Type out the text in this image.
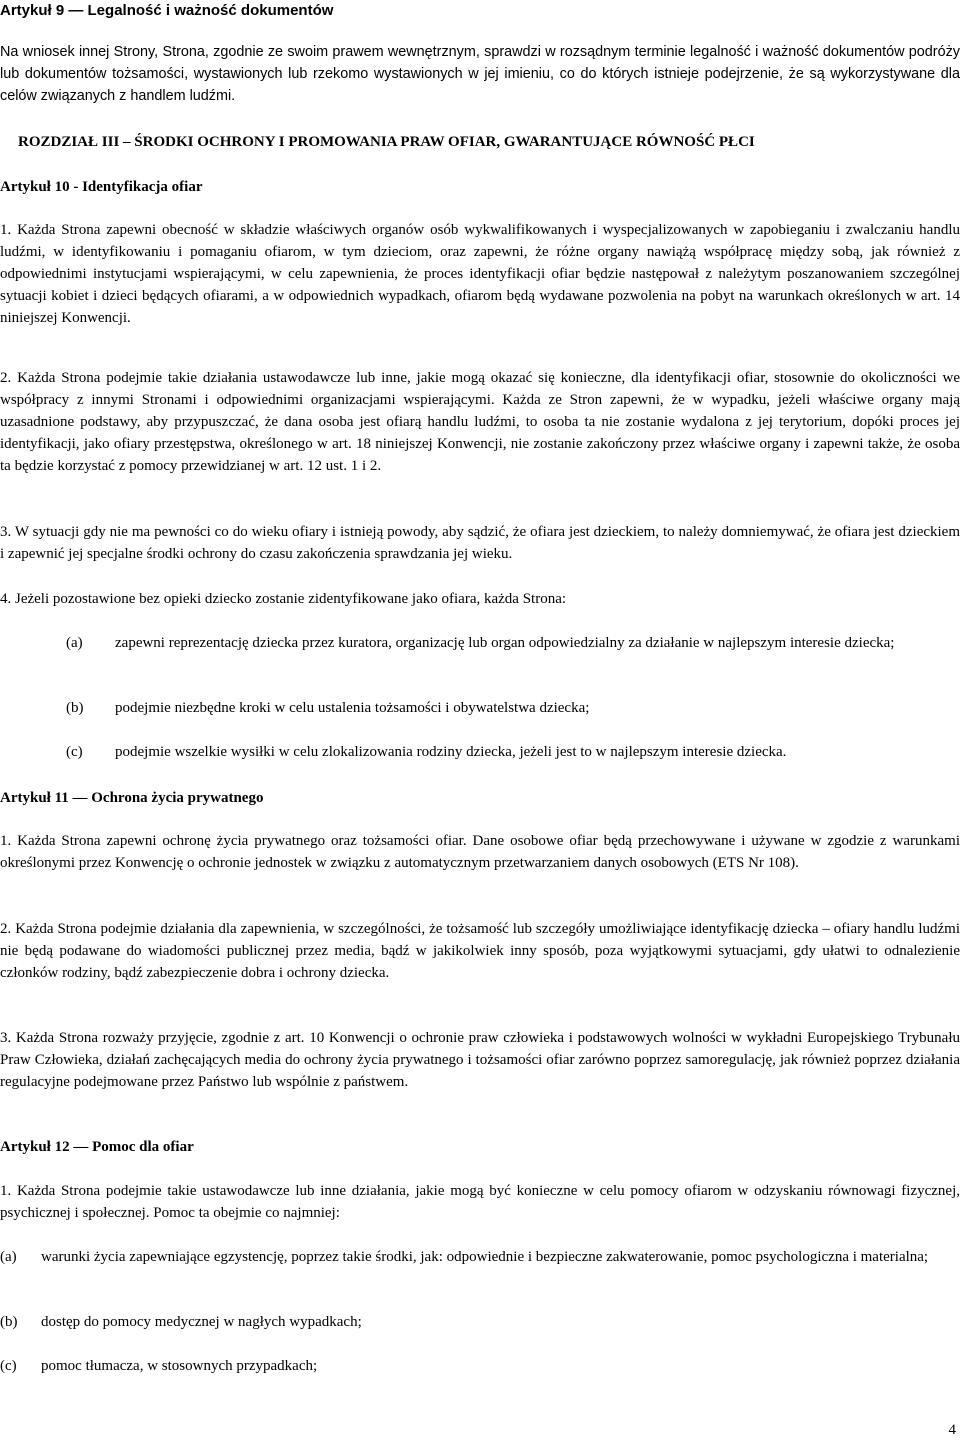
Artykuł 9 — Legalność i ważność dokumentów
Na wniosek innej Strony, Strona, zgodnie ze swoim prawem wewnętrznym, sprawdzi w rozsądnym terminie legalność i ważność dokumentów podróży lub dokumentów tożsamości, wystawionych lub rzekomo wystawionych w jej imieniu, co do których istnieje podejrzenie, że są wykorzystywane dla celów związanych z handlem ludźmi.
ROZDZIAŁ III – ŚRODKI OCHRONY I PROMOWANIA PRAW OFIAR, GWARANTUJĄCE RÓWNOŚĆ PŁCI
Artykuł 10 - Identyfikacja ofiar
1. Każda Strona zapewni obecność w składzie właściwych organów osób wykwalifikowanych i wyspecjalizowanych w zapobieganiu i zwalczaniu handlu ludźmi, w identyfikowaniu i pomaganiu ofiarom, w tym dzieciom, oraz zapewni, że różne organy nawiążą współpracę między sobą, jak również z odpowiednimi instytucjami wspierającymi, w celu zapewnienia, że proces identyfikacji ofiar będzie następował z należytym poszanowaniem szczególnej sytuacji kobiet i dzieci będących ofiarami, a w odpowiednich wypadkach, ofiarom będą wydawane pozwolenia na pobyt na warunkach określonych w art. 14 niniejszej Konwencji.
2. Każda Strona podejmie takie działania ustawodawcze lub inne, jakie mogą okazać się konieczne, dla identyfikacji ofiar, stosownie do okoliczności we współpracy z innymi Stronami i odpowiednimi organizacjami wspierającymi. Każda ze Stron zapewni, że w wypadku, jeżeli właściwe organy mają uzasadnione podstawy, aby przypuszczać, że dana osoba jest ofiarą handlu ludźmi, to osoba ta nie zostanie wydalona z jej terytorium, dopóki proces jej identyfikacji, jako ofiary przestępstwa, określonego w art. 18 niniejszej Konwencji, nie zostanie zakończony przez właściwe organy i zapewni także, że osoba ta będzie korzystać z pomocy przewidzianej w art. 12 ust. 1 i 2.
3. W sytuacji gdy nie ma pewności co do wieku ofiary i istnieją powody, aby sądzić, że ofiara jest dzieckiem, to należy domniemywać, że ofiara jest dzieckiem i zapewnić jej specjalne środki ochrony do czasu zakończenia sprawdzania jej wieku.
4. Jeżeli pozostawione bez opieki dziecko zostanie zidentyfikowane jako ofiara, każda Strona:
(a) zapewni reprezentację dziecka przez kuratora, organizację lub organ odpowiedzialny za działanie w najlepszym interesie dziecka;
(b) podejmie niezbędne kroki w celu ustalenia tożsamości i obywatelstwa dziecka;
(c) podejmie wszelkie wysiłki w celu zlokalizowania rodziny dziecka, jeżeli jest to w najlepszym interesie dziecka.
Artykuł 11 — Ochrona życia prywatnego
1. Każda Strona zapewni ochronę życia prywatnego oraz tożsamości ofiar. Dane osobowe ofiar będą przechowywane i używane w zgodzie z warunkami określonymi przez Konwencję o ochronie jednostek w związku z automatycznym przetwarzaniem danych osobowych (ETS Nr 108).
2. Każda Strona podejmie działania dla zapewnienia, w szczególności, że tożsamość lub szczegóły umożliwiające identyfikację dziecka – ofiary handlu ludźmi nie będą podawane do wiadomości publicznej przez media, bądź w jakikolwiek inny sposób, poza wyjątkowymi sytuacjami, gdy ułatwi to odnalezienie członków rodziny, bądź zabezpieczenie dobra i ochrony dziecka.
3. Każda Strona rozważy przyjęcie, zgodnie z art. 10 Konwencji o ochronie praw człowieka i podstawowych wolności w wykładni Europejskiego Trybunału Praw Człowieka, działań zachęcających media do ochrony życia prywatnego i tożsamości ofiar zarówno poprzez samoregulację, jak również poprzez działania regulacyjne podejmowane przez Państwo lub wspólnie z państwem.
Artykuł 12 — Pomoc dla ofiar
1. Każda Strona podejmie takie ustawodawcze lub inne działania, jakie mogą być konieczne w celu pomocy ofiarom w odzyskaniu równowagi fizycznej, psychicznej i społecznej. Pomoc ta obejmie co najmniej:
(a) warunki życia zapewniające egzystencję, poprzez takie środki, jak: odpowiednie i bezpieczne zakwaterowanie, pomoc psychologiczna i materialna;
(b) dostęp do pomocy medycznej w nagłych wypadkach;
(c) pomoc tłumacza, w stosownych przypadkach;
4
